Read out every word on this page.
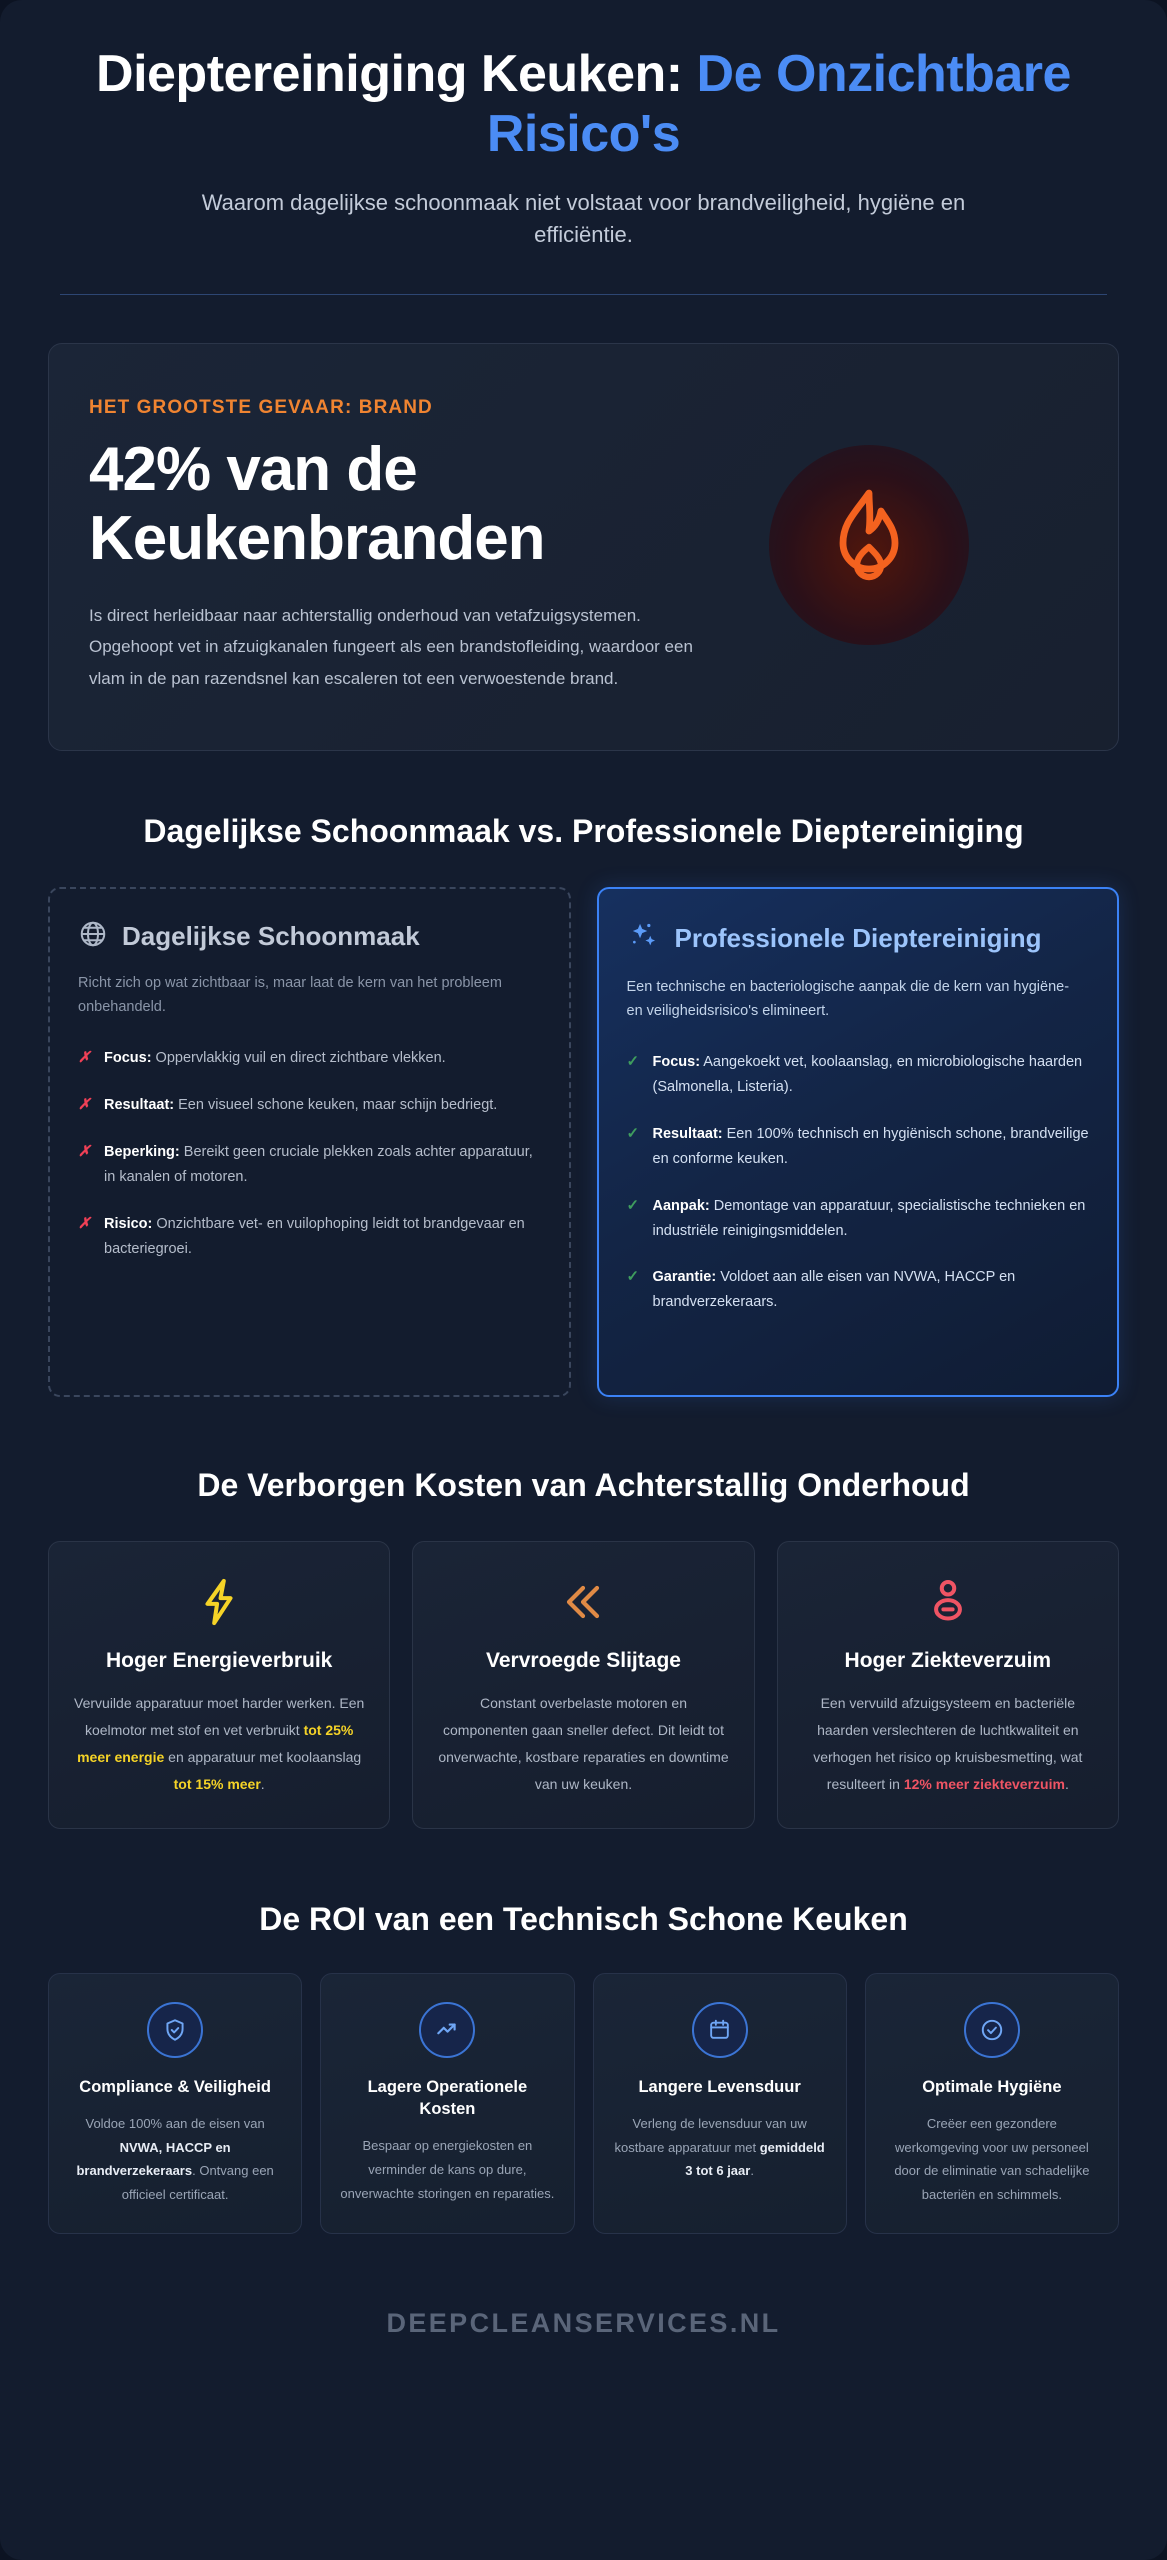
Dieptereiniging Keuken: De Onzichtbare Risico's

Waarom dagelijkse schoonmaak niet volstaat voor brandveiligheid, hygiëne en efficiëntie.

HET GROOTSTE GEVAAR: BRAND
42% van de Keukenbranden
Is direct herleidbaar naar achterstallig onderhoud van vetafzuigsystemen. Opgehoopt vet in afzuigkanalen fungeert als een brandstofleiding, waardoor een vlam in de pan razendsnel kan escaleren tot een verwoestende brand.
Dagelijkse Schoonmaak vs. Professionele Dieptereiniging
Dagelijkse Schoonmaak
Richt zich op wat zichtbaar is, maar laat de kern van het probleem onbehandeld.
✗ Focus: Oppervlakkig vuil en direct zichtbare vlekken.
✗ Resultaat: Een visueel schone keuken, maar schijn bedriegt.
✗ Beperking: Bereikt geen cruciale plekken zoals achter apparatuur, in kanalen of motoren.
✗ Risico: Onzichtbare vet- en vuilophoping leidt tot brandgevaar en bacteriegroei.
Professionele Dieptereiniging
Een technische en bacteriologische aanpak die de kern van hygiëne- en veiligheidsrisico's elimineert.
✓ Focus: Aangekoekt vet, koolaanslag, en microbiologische haarden (Salmonella, Listeria).
✓ Resultaat: Een 100% technisch en hygiënisch schone, brandveilige en conforme keuken.
✓ Aanpak: Demontage van apparatuur, specialistische technieken en industriële reinigingsmiddelen.
✓ Garantie: Voldoet aan alle eisen van NVWA, HACCP en brandverzekeraars.
De Verborgen Kosten van Achterstallig Onderhoud
Hoger Energieverbruik
Vervuilde apparatuur moet harder werken. Een koelmotor met stof en vet verbruikt tot 25% meer energie en apparatuur met koolaanslag tot 15% meer.
Vervroegde Slijtage
Constant overbelaste motoren en componenten gaan sneller defect. Dit leidt tot onverwachte, kostbare reparaties en downtime van uw keuken.
Hoger Ziekteverzuim
Een vervuild afzuigsysteem en bacteriële haarden verslechteren de luchtkwaliteit en verhogen het risico op kruisbesmetting, wat resulteert in 12% meer ziekteverzuim.
De ROI van een Technisch Schone Keuken
Compliance & Veiligheid
Voldoe 100% aan de eisen van NVWA, HACCP en brandverzekeraars. Ontvang een officieel certificaat.
Lagere Operationele Kosten
Bespaar op energiekosten en verminder de kans op dure, onverwachte storingen en reparaties.
Langere Levensduur
Verleng de levensduur van uw kostbare apparatuur met gemiddeld 3 tot 6 jaar.
Optimale Hygiëne
Creëer een gezondere werkomgeving voor uw personeel door de eliminatie van schadelijke bacteriën en schimmels.
DEEPCLEANSERVICES.NL
